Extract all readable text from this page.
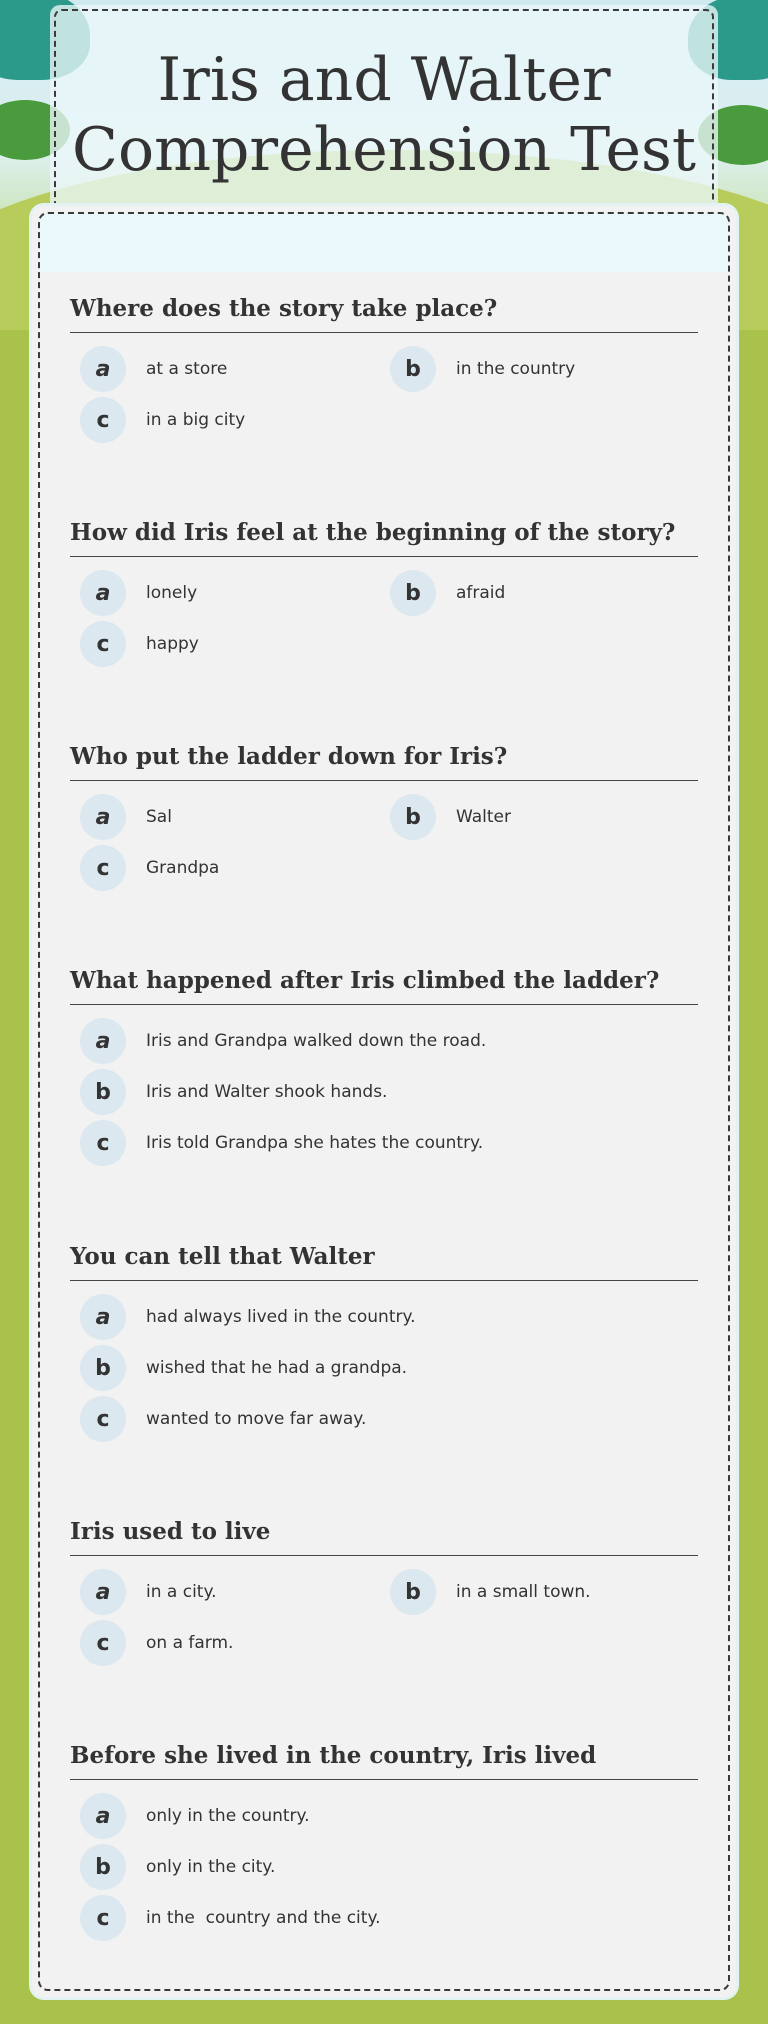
Iris and Walter Comprehension Test
Where does the story take place?
a	at a store	b	in the country
c	in a big city
How did Iris feel at the beginning of the story?
a	lonely	b	afraid
c	happy
Who put the ladder down for Iris?
a	Sal	b	Walter
c	Grandpa
What happened after Iris climbed the ladder?
a	Iris and Grandpa walked down the road.
b	Iris and Walter shook hands.
c	Iris told Grandpa she hates the country.
You can tell that Walter
a	had always lived in the country.
b	wished that he had a grandpa.
c	wanted to move far away.
Iris used to live
a	in a city.	b	in a small town.
c	on a farm.
Before she lived in the country, Iris lived
a	only in the country.
b	only in the city.
c	in the  country and the city.
